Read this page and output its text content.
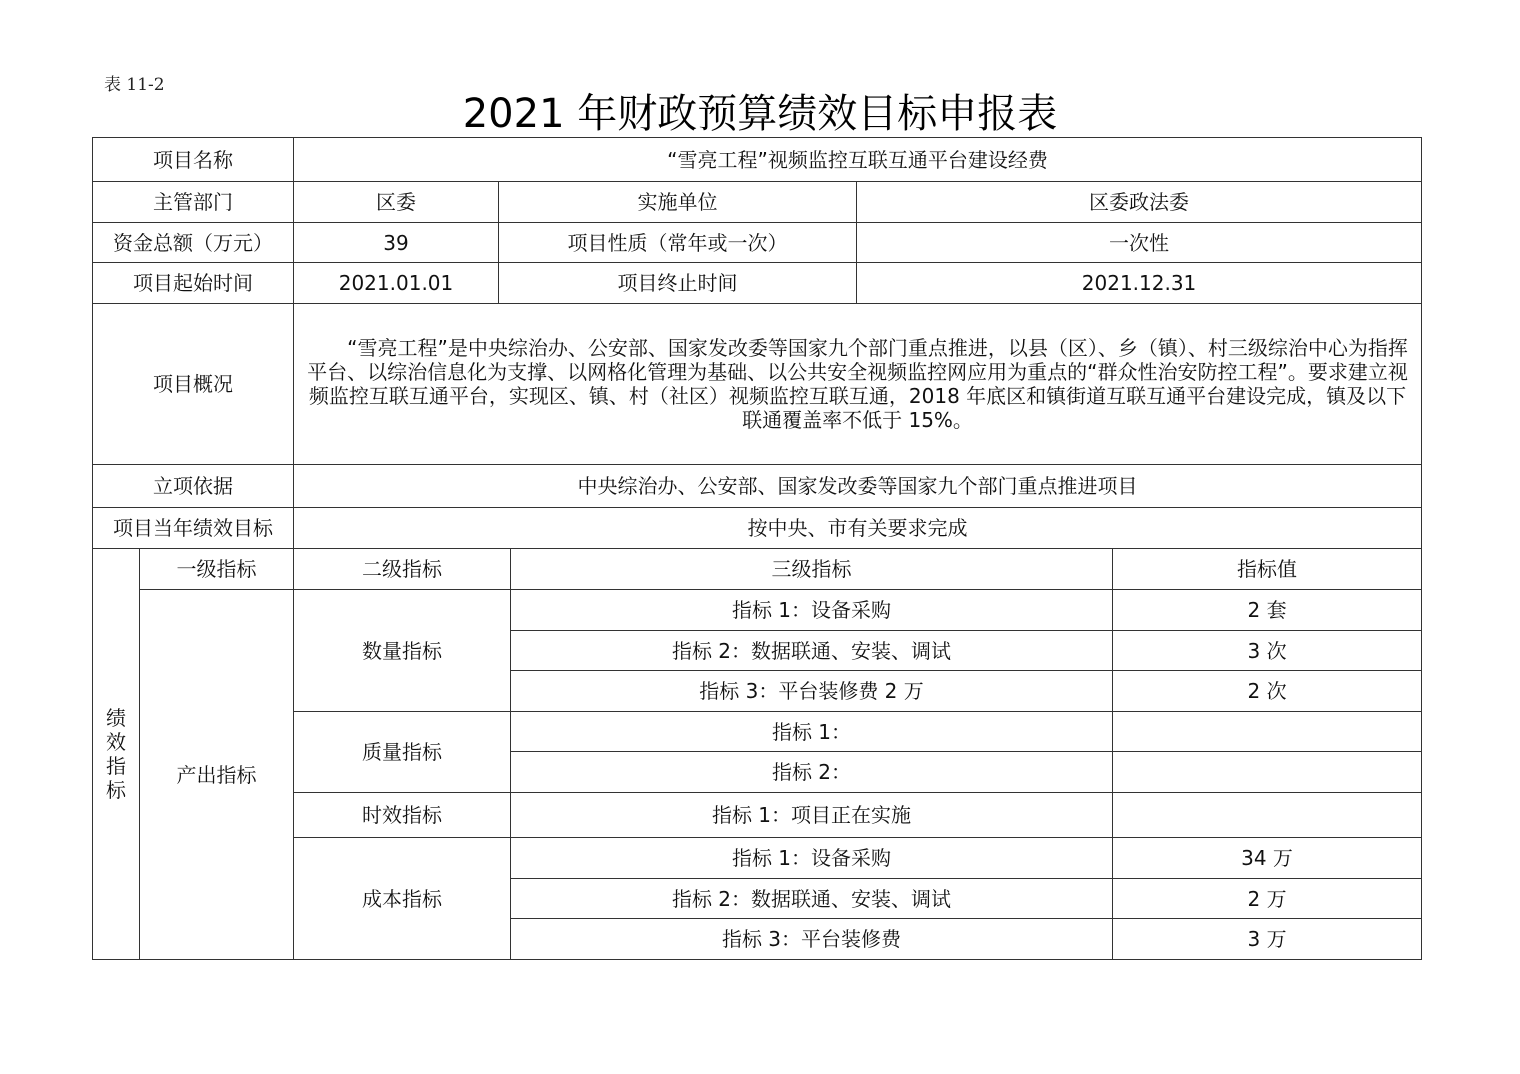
表 11-2
2021 年财政预算绩效目标申报表
项目名称		“雪亮工程”视频监控互联互通平台建设经费				
主管部门		区委	实施单位		区委政法委	
资金总额（万元）		39	项目性质（常年或一次）		一次性	
项目起始时间		2021.01.01	项目终止时间		2021.12.31	
项目概况		“雪亮工程”是中央综治办、公安部、国家发改委等国家九个部门重点推进，以县（区）、乡（镇）、村三级综治中心为指挥平台、以综治信息化为支撑、以网格化管理为基础、以公共安全视频监控网应用为重点的“群众性治安防控工程”。要求建立视频监控互联互通平台，实现区、镇、村（社区）视频监控互联互通，2018 年底区和镇街道互联互通平台建设完成，镇及以下联通覆盖率不低于 15%。				
立项依据		中央综治办、公安部、国家发改委等国家九个部门重点推进项目				
项目当年绩效目标		按中央、市有关要求完成				

绩
效
指
标	一级指标	二级指标		三级指标		指标值
	产出指标	数量指标		指标 1：设备采购		2 套
				指标 2：数据联通、安装、调试		3 次
				指标 3：平台装修费 2 万		2 次
		质量指标		指标 1：		
				指标 2：		
		时效指标		指标 1：项目正在实施		
		成本指标		指标 1：设备采购		34 万
				指标 2：数据联通、安装、调试		2 万
				指标 3：平台装修费		3 万
